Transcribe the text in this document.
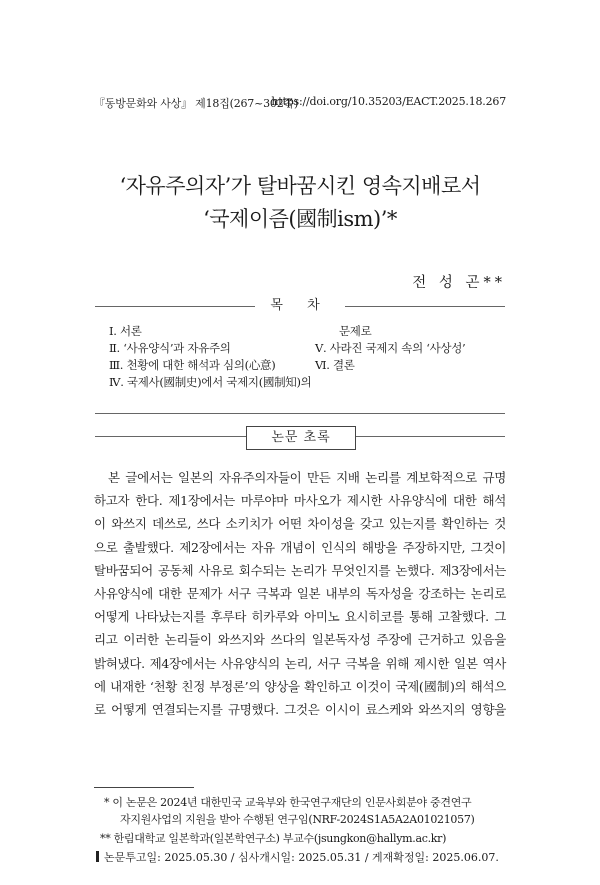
『동방문화와 사상』 제18집(267~302쪽)
https://doi.org/10.35203/EACT.2025.18.267
‘자유주의자’가 탈바꿈시킨 영속지배로서
‘국제이즘(國制ism)’*
전 성 곤**
목 차
Ⅰ. 서론
Ⅱ. ‘사유양식’과 자유주의
Ⅲ. 천황에 대한 해석과 심의(心意)
Ⅳ. 국제사(國制史)에서 국제지(國制知)의
문제로
Ⅴ. 사라진 국제지 속의 ‘사상성’
Ⅵ. 결론
논문 초록
본 글에서는 일본의 자유주의자들이 만든 지배 논리를 계보학적으로 규명
하고자 한다. 제1장에서는 마루야마 마사오가 제시한 사유양식에 대한 해석
이 와쓰지 데쓰로, 쓰다 소키치가 어떤 차이성을 갖고 있는지를 확인하는 것
으로 출발했다. 제2장에서는 자유 개념이 인식의 해방을 주장하지만, 그것이
탈바꿈되어 공동체 사유로 회수되는 논리가 무엇인지를 논했다. 제3장에서는
사유양식에 대한 문제가 서구 극복과 일본 내부의 독자성을 강조하는 논리로
어떻게 나타났는지를 후루타 히카루와 아미노 요시히코를 통해 고찰했다. 그
리고 이러한 논리들이 와쓰지와 쓰다의 일본독자성 주장에 근거하고 있음을
밝혀냈다. 제4장에서는 사유양식의 논리, 서구 극복을 위해 제시한 일본 역사
에 내재한 ‘천황 친정 부정론’의 양상을 확인하고 이것이 국제(國制)의 해석으
로 어떻게 연결되는지를 규명했다. 그것은 이시이 료스케와 와쓰지의 영향을
* 이 논문은 2024년 대한민국 교육부와 한국연구재단의 인문사회분야 중견연구
자지원사업의 지원을 받아 수행된 연구임(NRF-2024S1A5A2A01021057)
** 한림대학교 일본학과(일본학연구소) 부교수(jsungkon@hallym.ac.kr)
논문투고일: 2025.05.30 / 심사개시일: 2025.05.31 / 게재확정일: 2025.06.07.
